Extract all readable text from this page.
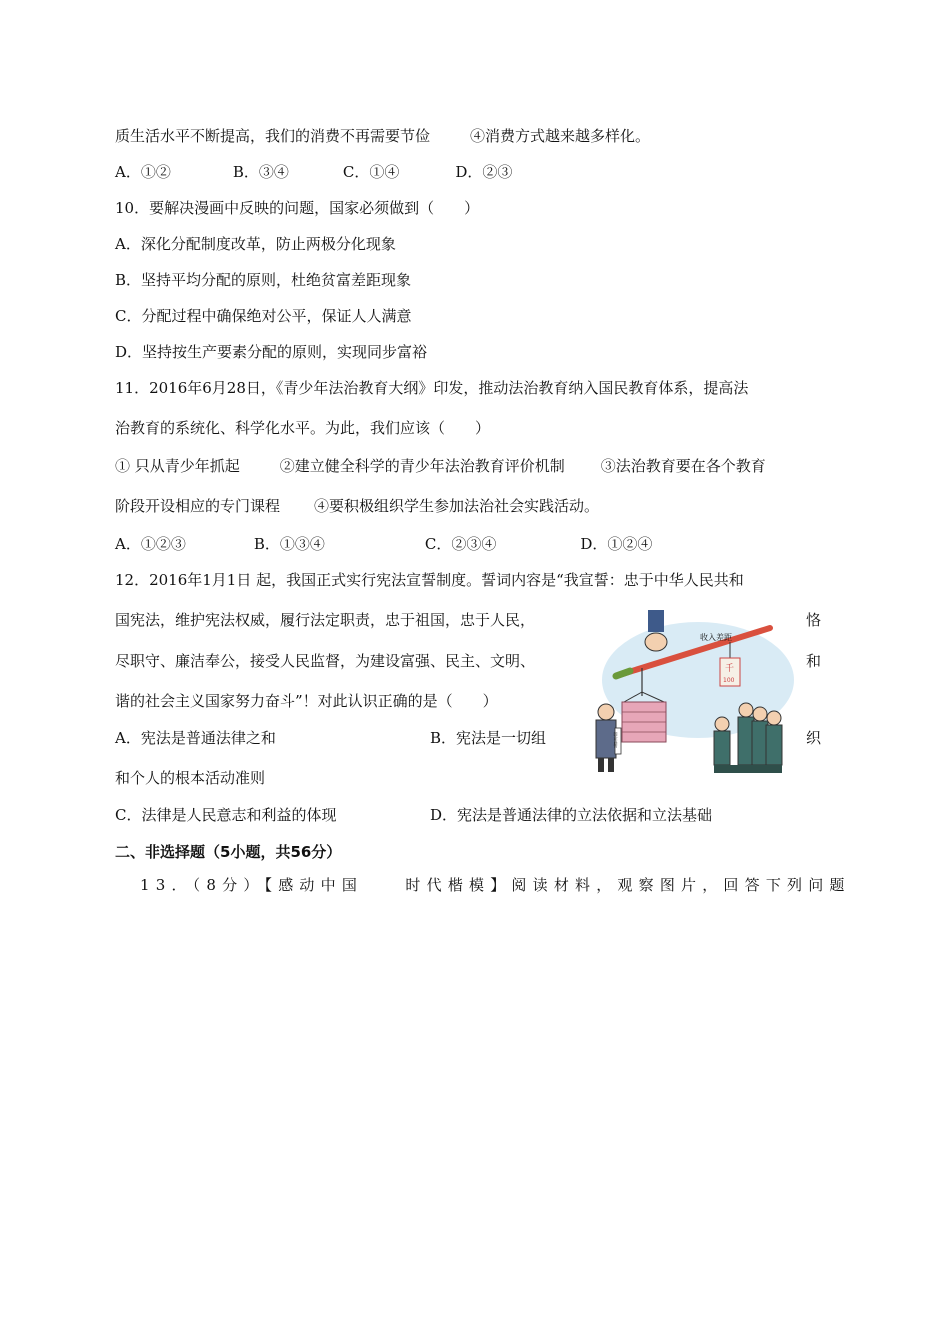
质生活水平不断提高，我们的消费不再需要节俭	④消费方式越来越多样化。
A．①②	B．③④	C．①④	D．②③
10．要解决漫画中反映的问题，国家必须做到（　　）
A．深化分配制度改革，防止两极分化现象
B．坚持平均分配的原则，杜绝贫富差距现象
C．分配过程中确保绝对公平，保证人人满意
D．坚持按生产要素分配的原则，实现同步富裕
11．2016年6月28日，《青少年法治教育大纲》印发，推动法治教育纳入国民教育体系，提高法
治教育的系统化、科学化水平。为此，我们应该（　　）
① 只从青少年抓起	②建立健全科学的青少年法治教育评价机制 ③法治教育要在各个教育
阶段开设相应的专门课程 ④要积极组织学生参加法治社会实践活动。
A．①②③	B．①③④	C．②③④	D．①②④
12．2016年1月1日 起，我国正式实行宪法宣誓制度。誓词内容是“我宣誓：忠于中华人民共和
国宪法，维护宪法权威，履行法定职责，忠于祖国，忠于人民，	恪
尽职守、廉洁奉公，接受人民监督，为建设富强、民主、文明、	和
谐的社会主义国家努力奋斗”！对此认识正确的是（　　）
A．宪法是普通法律之和	B．宪法是一切组	织
和个人的根本活动准则
C．法律是人民意志和利益的体现	D．宪法是普通法律的立法依据和立法基础
二、非选择题（5小题，共56分）
13．（8分）【感动中国　　时代楷模】阅读材料，观察图片，回答下列问题
收入差距
千
100
国企高管
